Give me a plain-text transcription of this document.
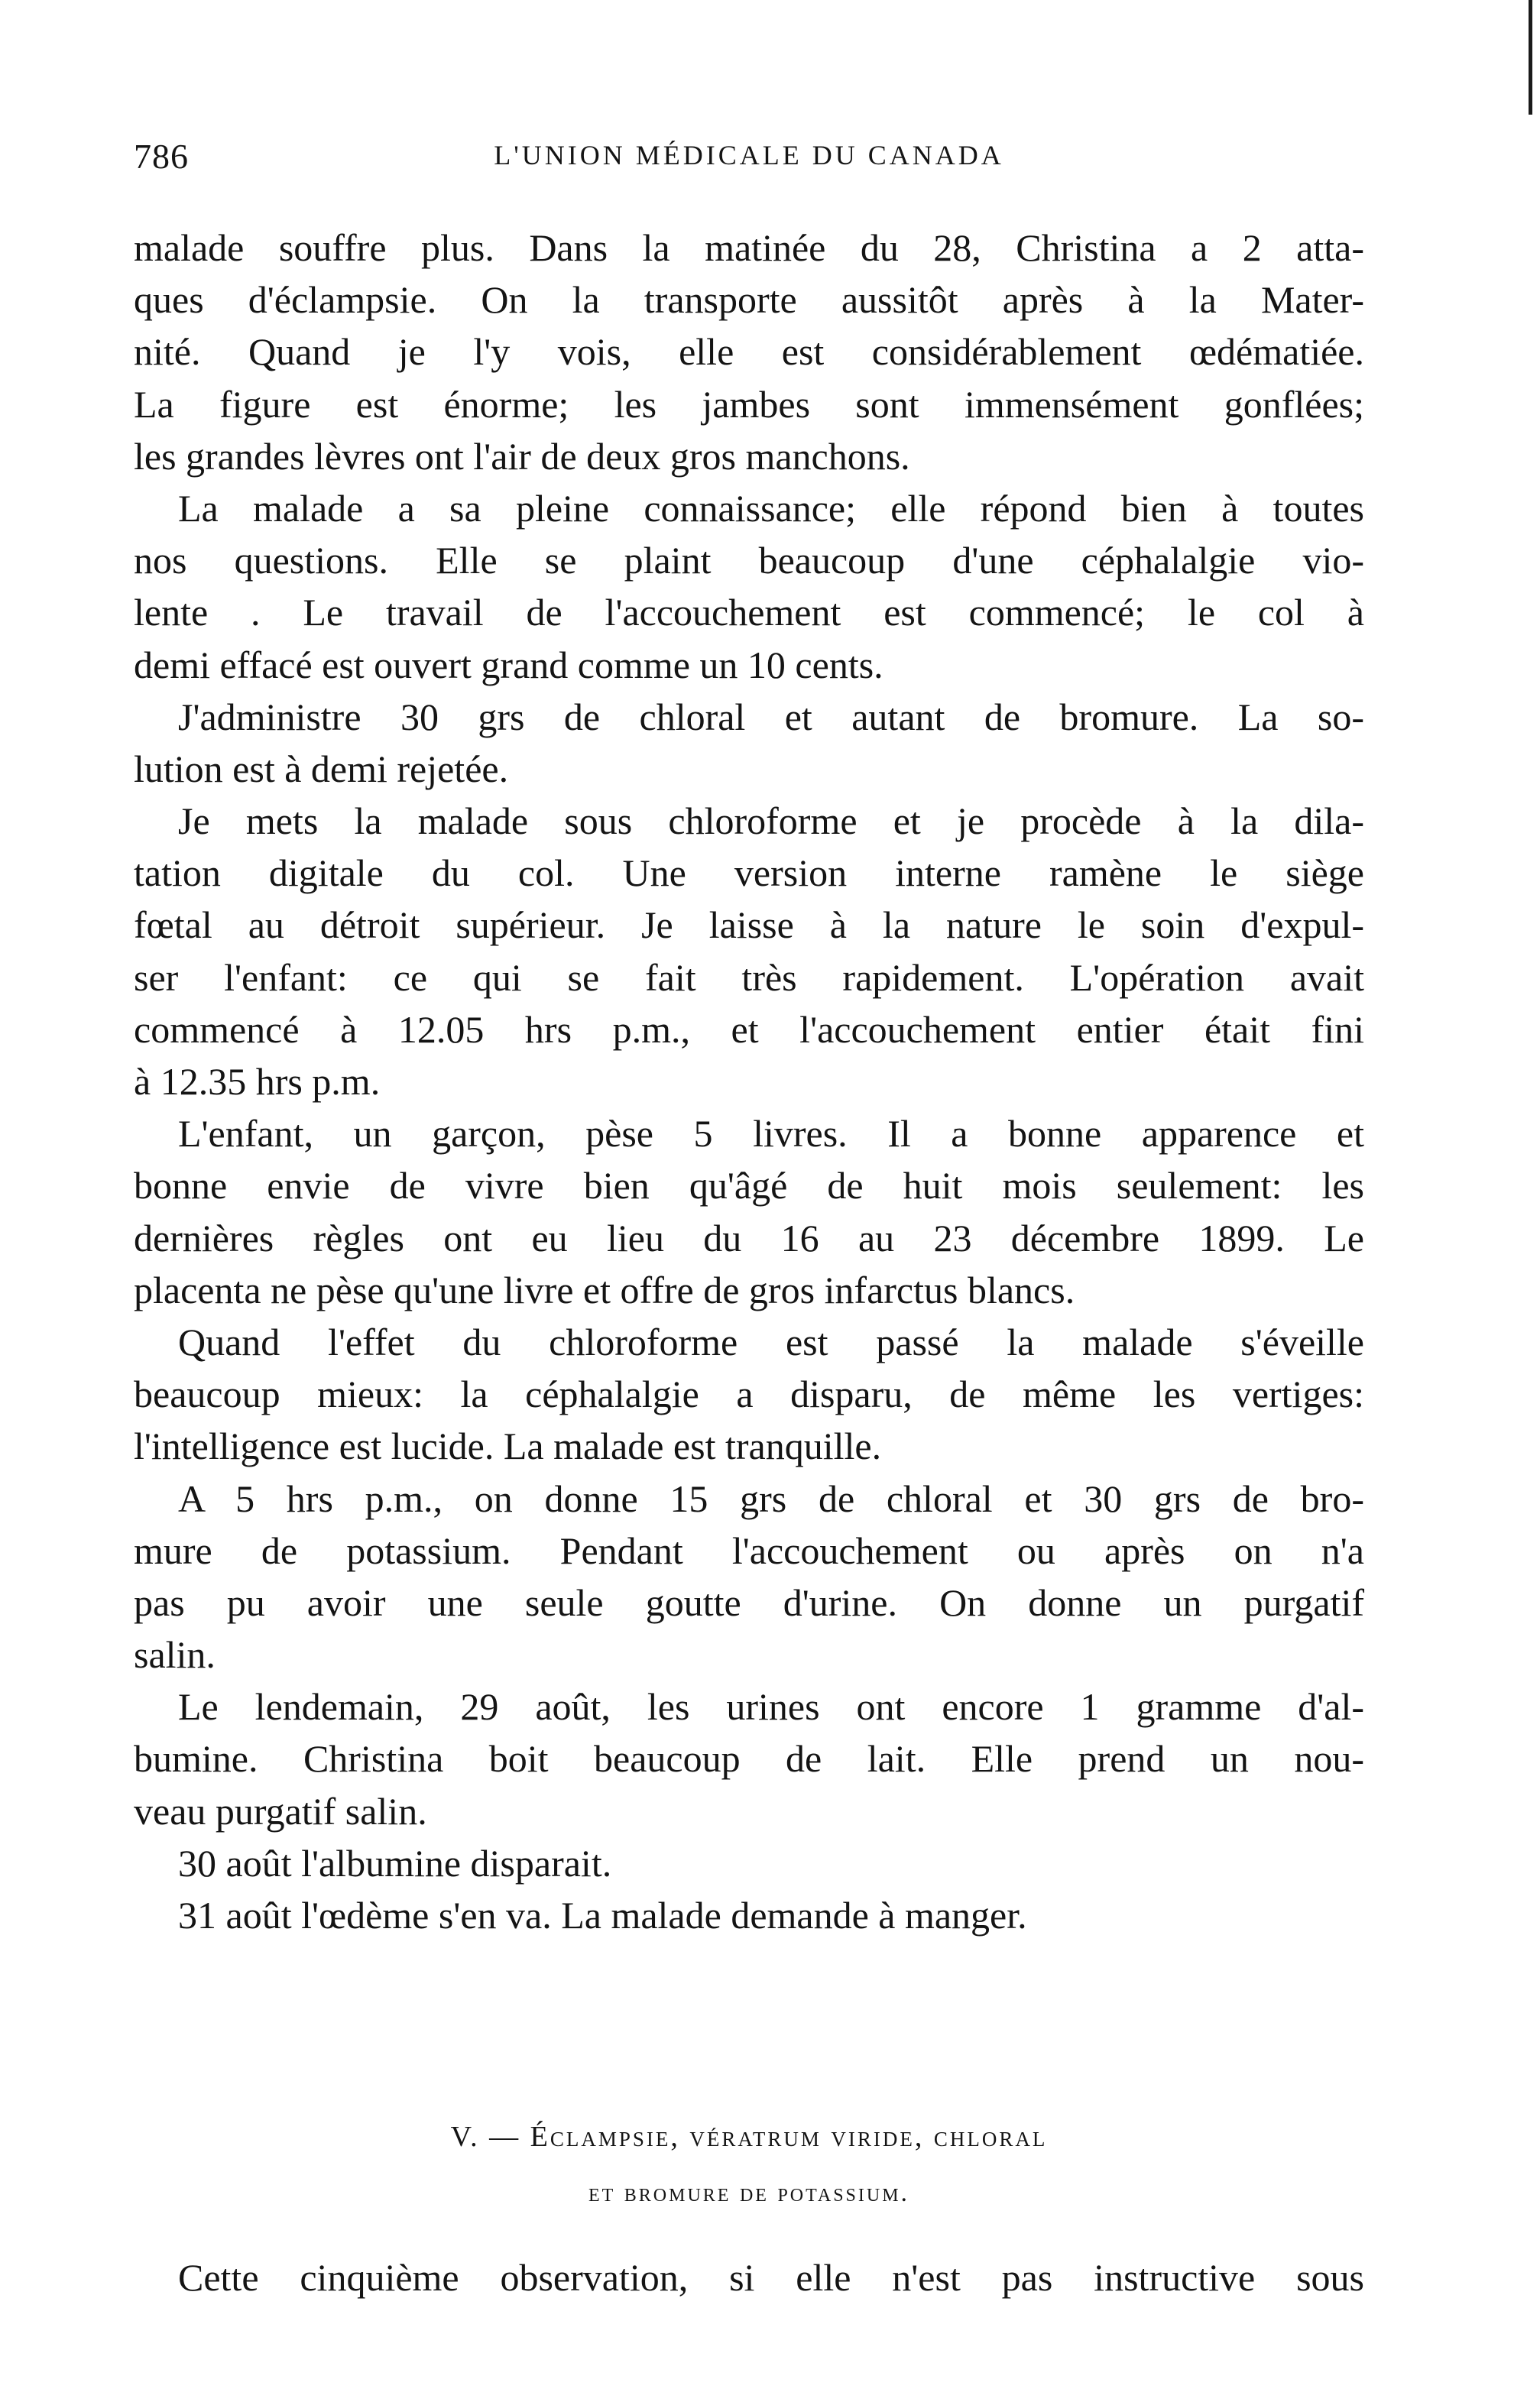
786	L'UNION MÉDICALE DU CANADA
malade souffre plus. Dans la matinée du 28, Christina a 2 atta-
ques d'éclampsie. On la transporte aussitôt après à la Mater-
nité. Quand je l'y vois, elle est considérablement œdématiée.
La figure est énorme; les jambes sont immensément gonflées;
les grandes lèvres ont l'air de deux gros manchons.
La malade a sa pleine connaissance; elle répond bien à toutes
nos questions. Elle se plaint beaucoup d'une céphalalgie vio-
lente . Le travail de l'accouchement est commencé; le col à
demi effacé est ouvert grand comme un 10 cents.
J'administre 30 grs de chloral et autant de bromure. La so-
lution est à demi rejetée.
Je mets la malade sous chloroforme et je procède à la dila-
tation digitale du col. Une version interne ramène le siège
fœtal au détroit supérieur. Je laisse à la nature le soin d'expul-
ser l'enfant: ce qui se fait très rapidement. L'opération avait
commencé à 12.05 hrs p.m., et l'accouchement entier était fini
à 12.35 hrs p.m.
L'enfant, un garçon, pèse 5 livres. Il a bonne apparence et
bonne envie de vivre bien qu'âgé de huit mois seulement: les
dernières règles ont eu lieu du 16 au 23 décembre 1899. Le
placenta ne pèse qu'une livre et offre de gros infarctus blancs.
Quand l'effet du chloroforme est passé la malade s'éveille
beaucoup mieux: la céphalalgie a disparu, de même les vertiges:
l'intelligence est lucide. La malade est tranquille.
A 5 hrs p.m., on donne 15 grs de chloral et 30 grs de bro-
mure de potassium. Pendant l'accouchement ou après on n'a
pas pu avoir une seule goutte d'urine. On donne un purgatif
salin.
Le lendemain, 29 août, les urines ont encore 1 gramme d'al-
bumine. Christina boit beaucoup de lait. Elle prend un nou-
veau purgatif salin.
30 août l'albumine disparait.
31 août l'œdème s'en va. La malade demande à manger.
V. — Éclampsie, vératrum viride, chloral
et bromure de potassium.
Cette cinquième observation, si elle n'est pas instructive sous
